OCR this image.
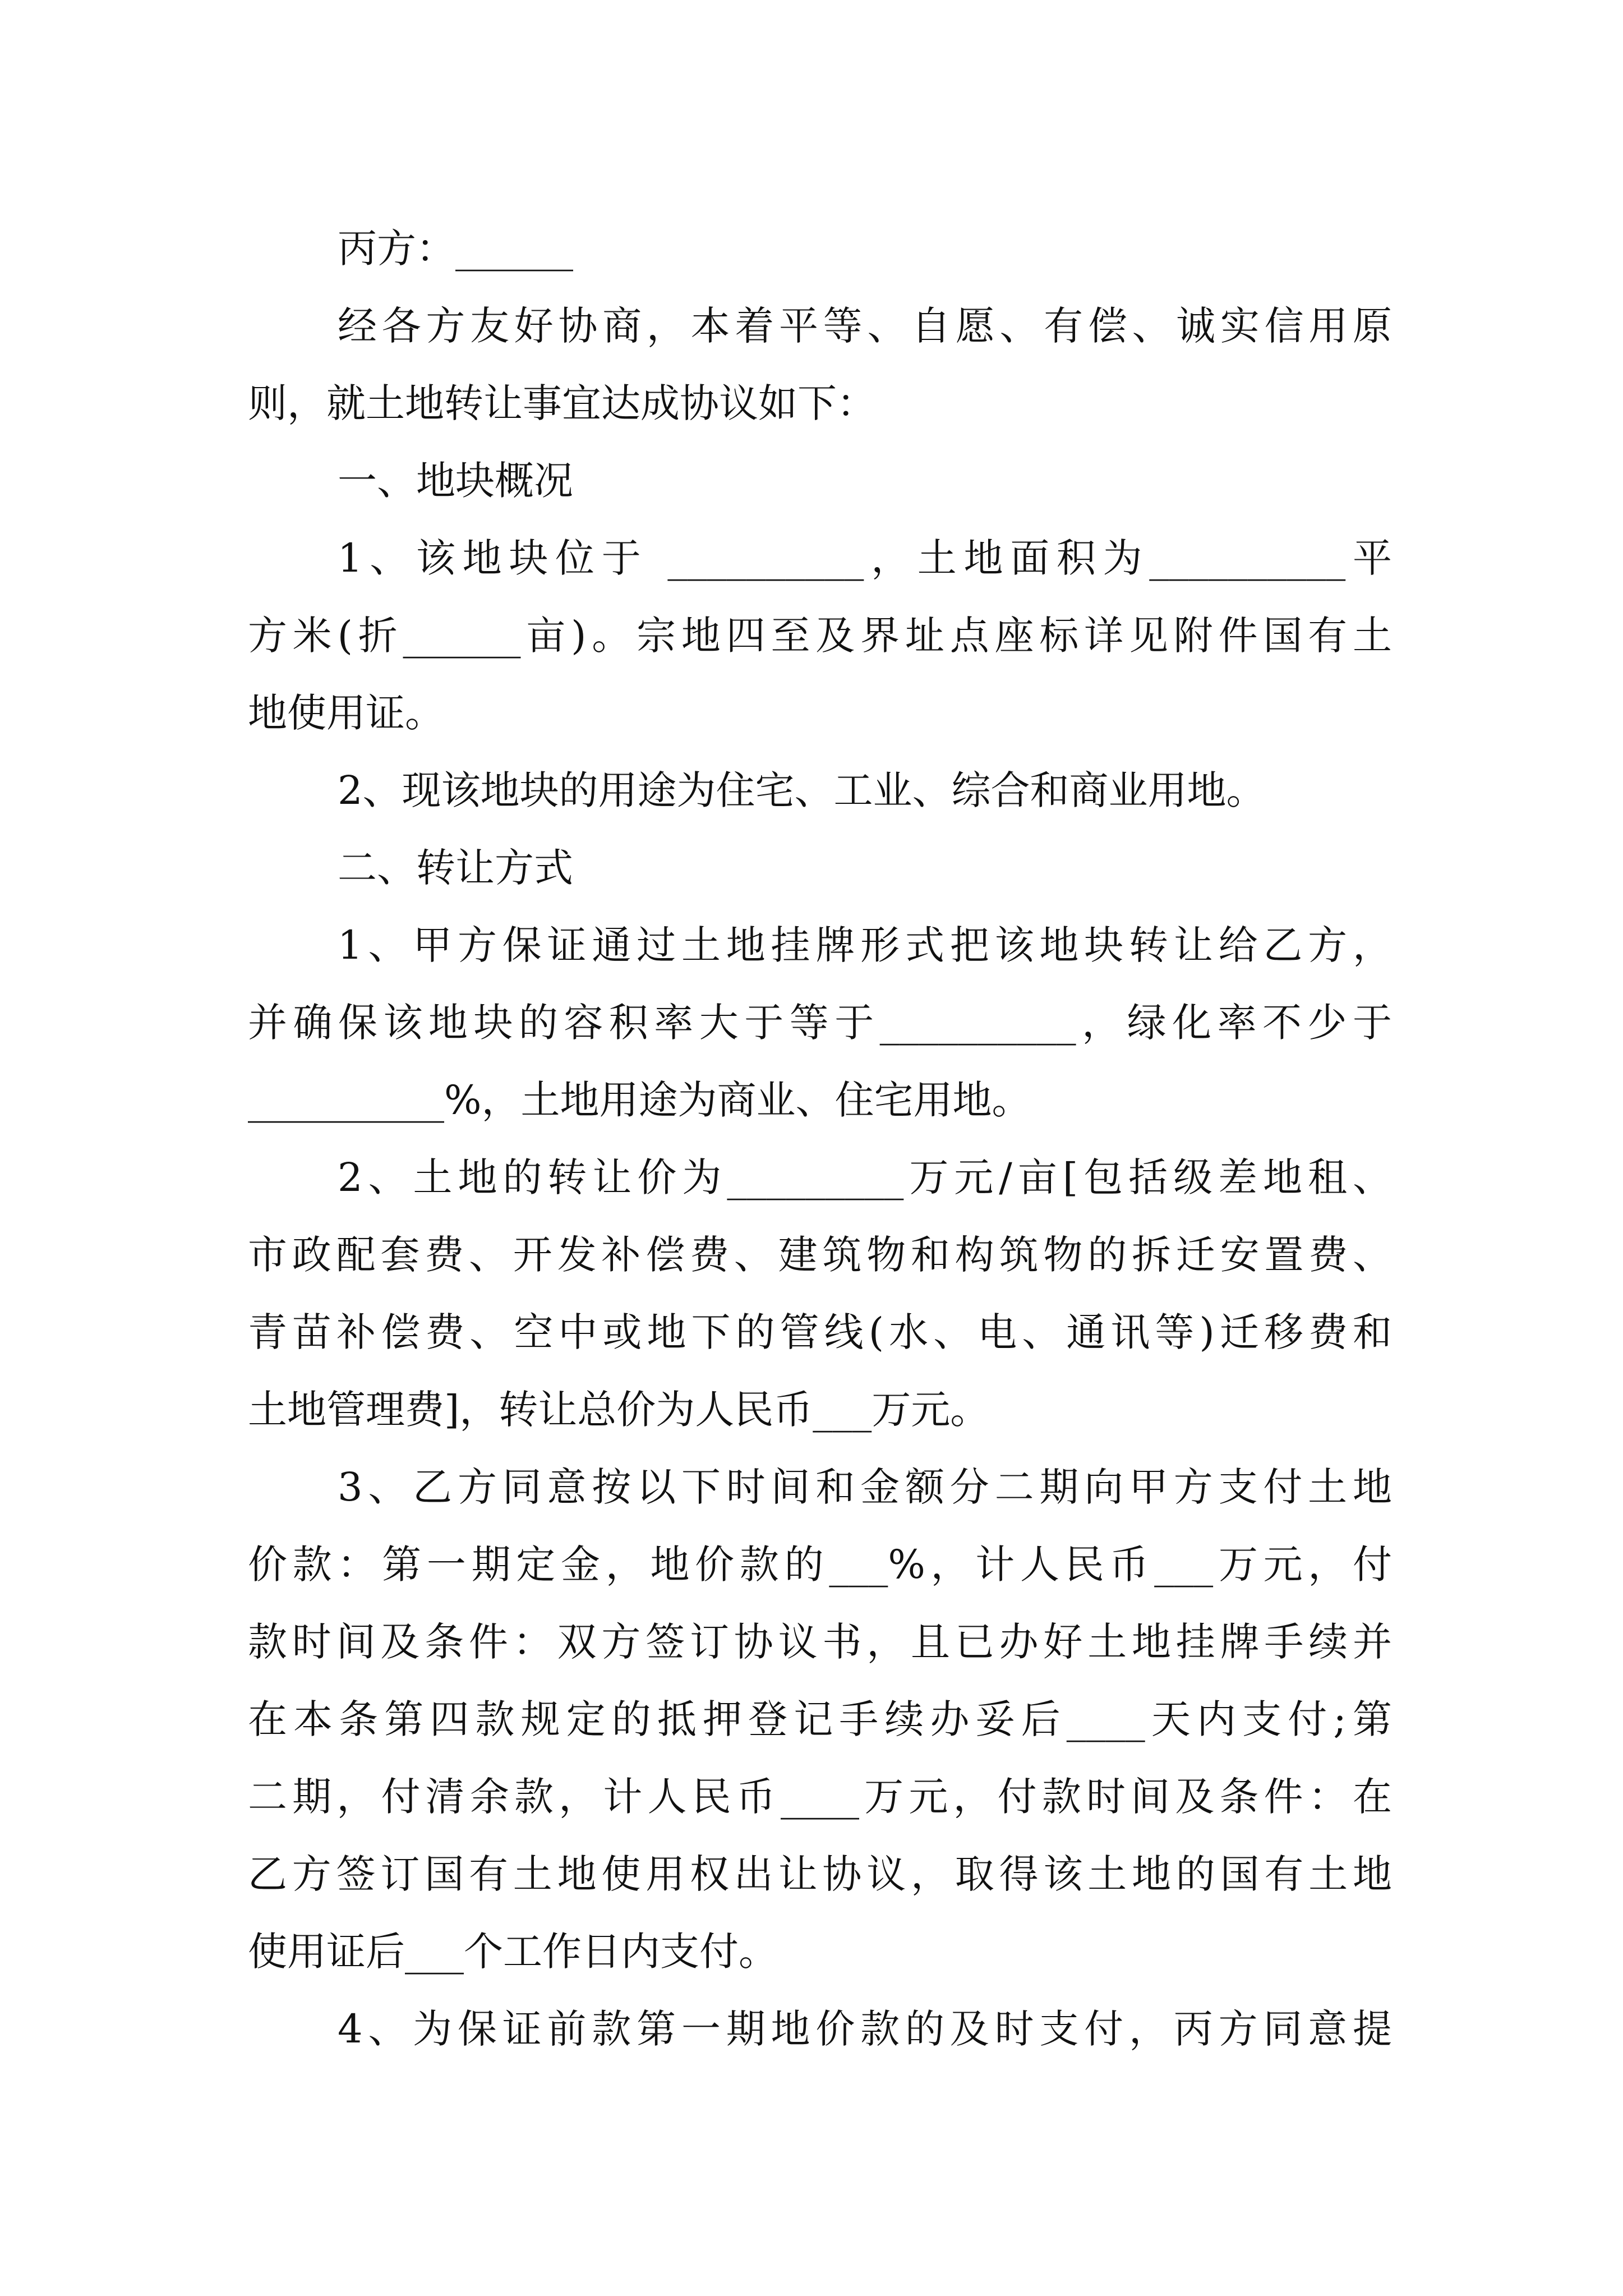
丙方：______
经各方友好协商，本着平等、自愿、有偿、诚实信用原
则，就土地转让事宜达成协议如下：
一、地块概况
1、该地块位于 __________，土地面积为__________平
方米(折______亩)。宗地四至及界址点座标详见附件国有土
地使用证。
2、现该地块的用途为住宅、工业、综合和商业用地。
二、转让方式
1、甲方保证通过土地挂牌形式把该地块转让给乙方，
并确保该地块的容积率大于等于__________，绿化率不少于
__________%，土地用途为商业、住宅用地。
2、土地的转让价为_________万元/亩[包括级差地租、
市政配套费、开发补偿费、建筑物和构筑物的拆迁安置费、
青苗补偿费、空中或地下的管线(水、电、通讯等)迁移费和
土地管理费]，转让总价为人民币___万元。
3、乙方同意按以下时间和金额分二期向甲方支付土地
价款：第一期定金，地价款的___%，计人民币___万元，付
款时间及条件：双方签订协议书，且已办好土地挂牌手续并
在本条第四款规定的抵押登记手续办妥后____天内支付;第
二期，付清余款，计人民币____万元，付款时间及条件：在
乙方签订国有土地使用权出让协议，取得该土地的国有土地
使用证后___个工作日内支付。
4、为保证前款第一期地价款的及时支付，丙方同意提
